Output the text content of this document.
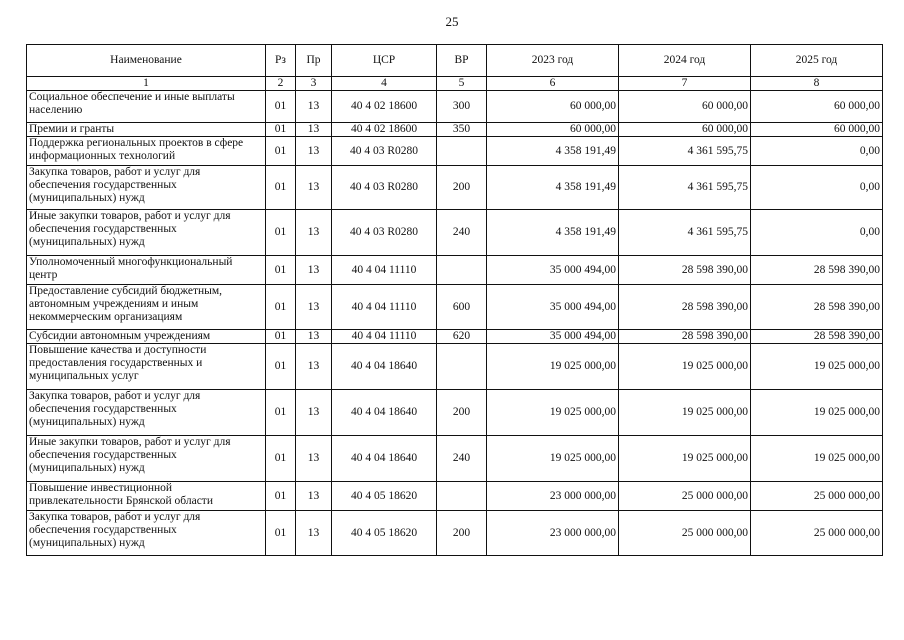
25
Наименование	Рз	Пр	ЦСР	ВР	2023 год	2024 год	2025 год
1	2	3	4	5	6	7	8
Социальное обеспечение и иные выплаты населению	01	13	40 4 02 18600	300	60 000,00	60 000,00	60 000,00
Премии и гранты	01	13	40 4 02 18600	350	60 000,00	60 000,00	60 000,00
Поддержка региональных проектов в сфере информационных технологий	01	13	40 4 03 R0280		4 358 191,49	4 361 595,75	0,00
Закупка товаров, работ и услуг для обеспечения государственных (муниципальных) нужд	01	13	40 4 03 R0280	200	4 358 191,49	4 361 595,75	0,00
Иные закупки товаров, работ и услуг для обеспечения государственных (муниципальных) нужд	01	13	40 4 03 R0280	240	4 358 191,49	4 361 595,75	0,00
Уполномоченный многофункциональный центр	01	13	40 4 04 11110		35 000 494,00	28 598 390,00	28 598 390,00
Предоставление субсидий бюджетным, автономным учреждениям и иным некоммерческим организациям	01	13	40 4 04 11110	600	35 000 494,00	28 598 390,00	28 598 390,00
Субсидии автономным учреждениям	01	13	40 4 04 11110	620	35 000 494,00	28 598 390,00	28 598 390,00
Повышение качества и доступности предоставления государственных и муниципальных услуг	01	13	40 4 04 18640		19 025 000,00	19 025 000,00	19 025 000,00
Закупка товаров, работ и услуг для обеспечения государственных (муниципальных) нужд	01	13	40 4 04 18640	200	19 025 000,00	19 025 000,00	19 025 000,00
Иные закупки товаров, работ и услуг для обеспечения государственных (муниципальных) нужд	01	13	40 4 04 18640	240	19 025 000,00	19 025 000,00	19 025 000,00
Повышение инвестиционной привлекательности Брянской области	01	13	40 4 05 18620		23 000 000,00	25 000 000,00	25 000 000,00
Закупка товаров, работ и услуг для обеспечения государственных (муниципальных) нужд	01	13	40 4 05 18620	200	23 000 000,00	25 000 000,00	25 000 000,00
